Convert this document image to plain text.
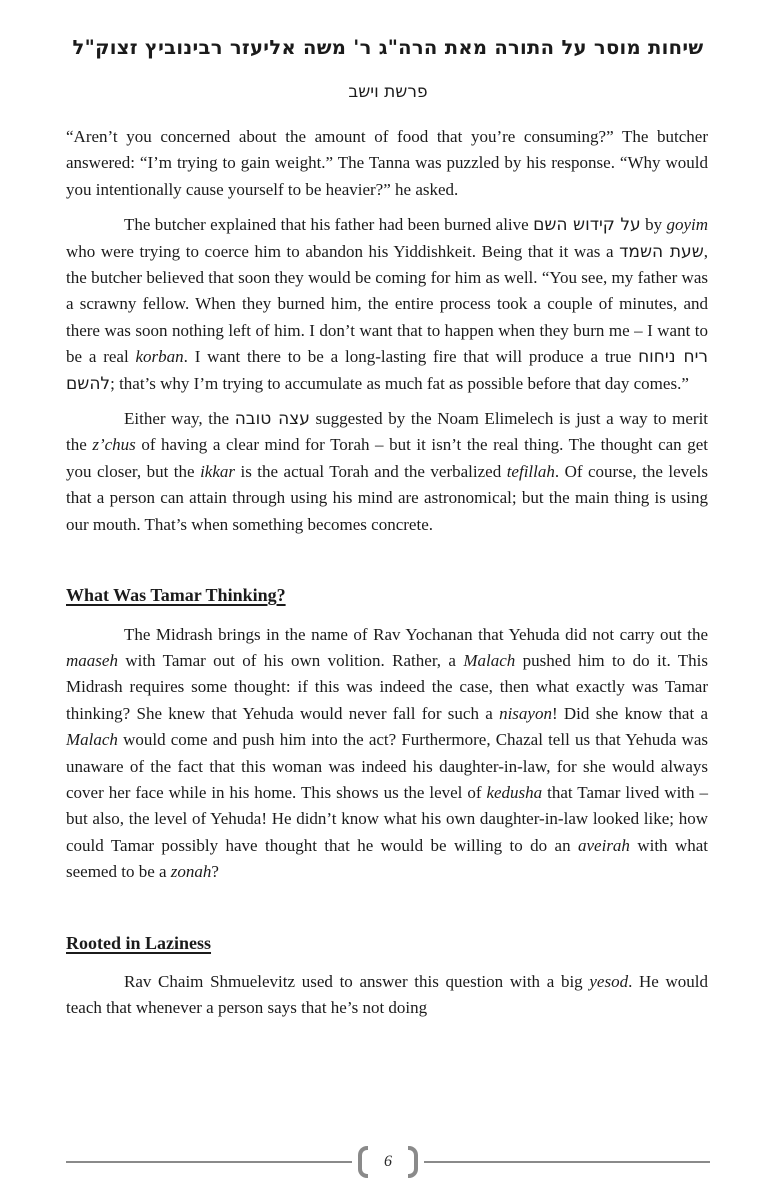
שיחות מוסר על התורה מאת הרה"ג ר' משה אליעזר רבינוביץ זצוק"ל
פרשת וישב

“Aren’t you concerned about the amount of food that you’re consuming?” The butcher answered: “I’m trying to gain weight.” The Tanna was puzzled by his response. “Why would you intentionally cause yourself to be heavier?” he asked.

The butcher explained that his father had been burned alive על קידוש השם by goyim who were trying to coerce him to abandon his Yiddishkeit. Being that it was a שעת השמד, the butcher believed that soon they would be coming for him as well. “You see, my father was a scrawny fellow. When they burned him, the entire process took a couple of minutes, and there was soon nothing left of him. I don’t want that to happen when they burn me – I want to be a real korban. I want there to be a long-lasting fire that will produce a true ריח ניחוח להשם; that’s why I’m trying to accumulate as much fat as possible before that day comes.”

Either way, the עצה טובה suggested by the Noam Elimelech is just a way to merit the z’chus of having a clear mind for Torah – but it isn’t the real thing. The thought can get you closer, but the ikkar is the actual Torah and the verbalized tefillah. Of course, the levels that a person can attain through using his mind are astronomical; but the main thing is using our mouth. That’s when something becomes concrete.

What Was Tamar Thinking?

The Midrash brings in the name of Rav Yochanan that Yehuda did not carry out the maaseh with Tamar out of his own volition. Rather, a Malach pushed him to do it. This Midrash requires some thought: if this was indeed the case, then what exactly was Tamar thinking? She knew that Yehuda would never fall for such a nisayon! Did she know that a Malach would come and push him into the act? Furthermore, Chazal tell us that Yehuda was unaware of the fact that this woman was indeed his daughter-in-law, for she would always cover her face while in his home. This shows us the level of kedusha that Tamar lived with – but also, the level of Yehuda! He didn’t know what his own daughter-in-law looked like; how could Tamar possibly have thought that he would be willing to do an aveirah with what seemed to be a zonah?

Rooted in Laziness

Rav Chaim Shmuelevitz used to answer this question with a big yesod. He would teach that whenever a person says that he’s not doing

6
